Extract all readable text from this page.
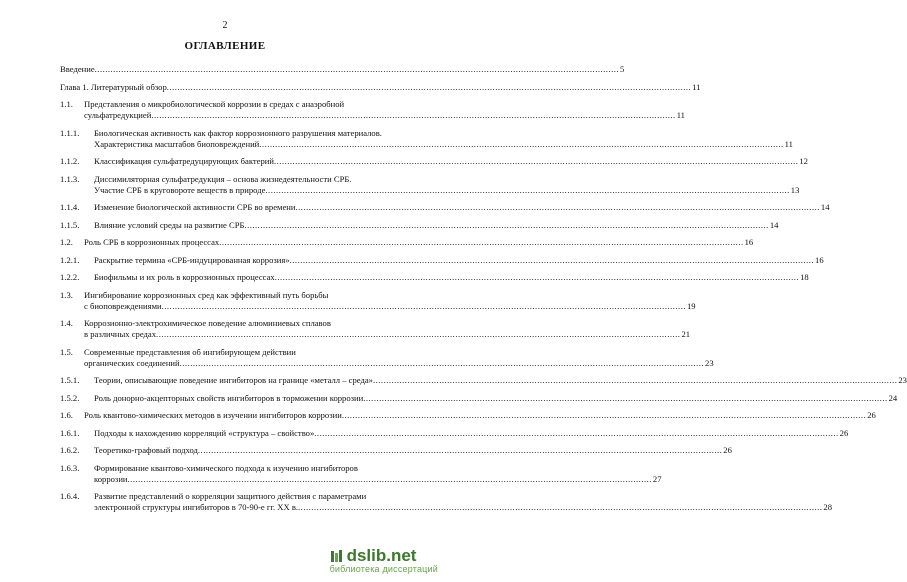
2
ОГЛАВЛЕНИЕ
Введение .....	5
Глава 1. Литературный обзор .....	11
1.1. Представления о микробиологической коррозии в средах с анаэробной
сульфатредукцией .....	11
1.1.1. Биологическая активность как фактор коррозионного разрушения материалов.
Характеристика масштабов биоповреждений .....	11
1.1.2. Классификация сульфатредуцирующих бактерий .....	12
1.1.3. Диссимиляторная сульфатредукция – основа жизнедеятельности СРБ.
Участие СРБ в круговороте веществ в природе .....	13
1.1.4. Изменение биологической активности СРБ во времени .....	14
1.1.5. Влияние условий среды на развитие СРБ .....	14
1.2. Роль СРБ в коррозионных процессах .....	16
1.2.1. Раскрытие термина «СРБ-индуцированная коррозия» .....	16
1.2.2. Биофильмы и их роль в коррозионных процессах .....	18
1.3. Ингибирование коррозионных сред как эффективный путь борьбы
с биоповреждениями .....	19
1.4. Коррозионно-электрохимическое поведение алюминиевых сплавов
в различных средах .....	21
1.5. Современные представления об ингибирующем действии
органических соединений .....	23
1.5.1. Теории, описывающие поведение ингибиторов на границе «металл – среда» .....	23
1.5.2. Роль донорно-акцепторных свойств ингибиторов в торможении коррозии .....	24
1.6. Роль квантово-химических методов в изучении ингибиторов коррозии .....	26
1.6.1. Подходы к нахождению корреляций «структура – свойство» .....	26
1.6.2. Теоретико-графовый подход .....	26
1.6.3. Формирование квантово-химического подхода к изучению ингибиторов
коррозии .....	27
1.6.4. Развитие представлений о корреляции защитного действия с параметрами
электронной структуры ингибиторов в 70-90-е гг. XX в. .....	28
dslib.net
библиотека диссертаций
